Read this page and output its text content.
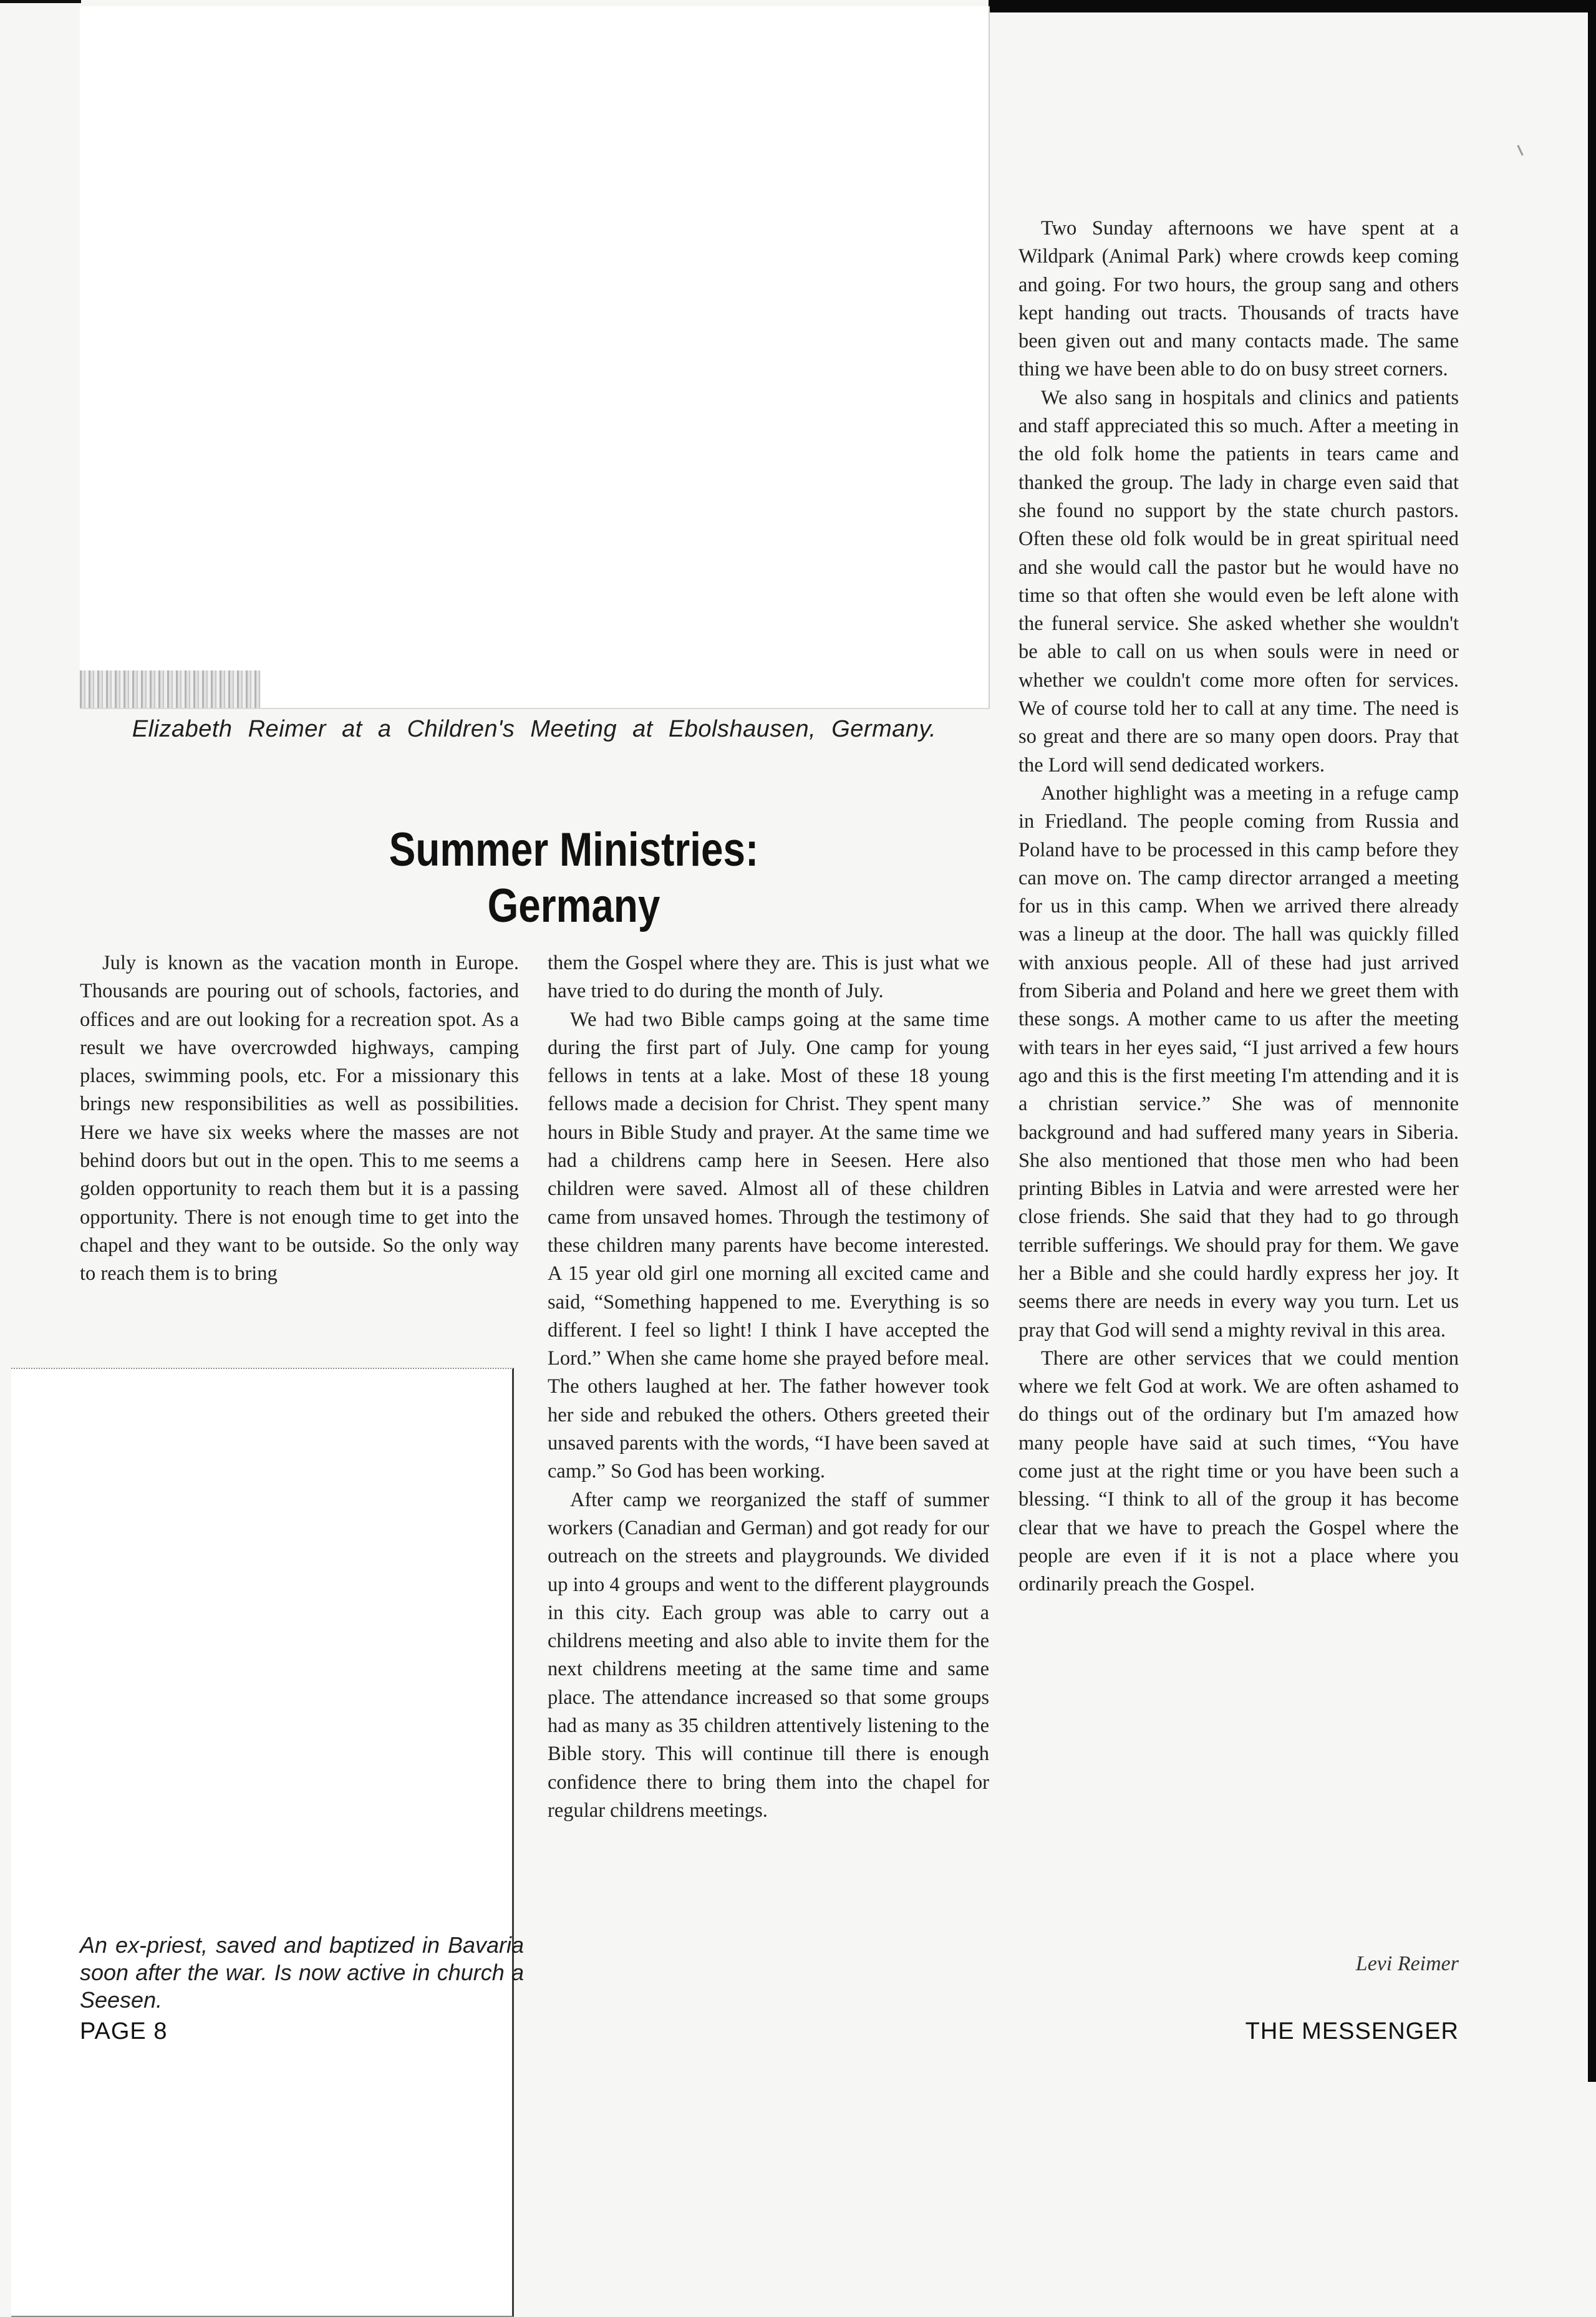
Elizabeth Reimer at a Children's Meeting at Ebolshausen, Germany.
Summer Ministries:
Germany

July is known as the vacation month in Europe. Thousands are pouring out of schools, factories, and offices and are out looking for a recreation spot. As a result we have overcrowded highways, camping places, swimming pools, etc. For a missionary this brings new responsibilities as well as possibilities. Here we have six weeks where the masses are not behind doors but out in the open. This to me seems a golden opportunity to reach them but it is a passing opportunity. There is not enough time to get into the chapel and they want to be outside. So the only way to reach them is to bring

An ex-priest, saved and baptized in Bavaria soon after the war. Is now active in church a Seesen.

them the Gospel where they are. This is just what we have tried to do during the month of July.

We had two Bible camps going at the same time during the first part of July. One camp for young fellows in tents at a lake. Most of these 18 young fellows made a decision for Christ. They spent many hours in Bible Study and prayer. At the same time we had a childrens camp here in Seesen. Here also children were saved. Almost all of these children came from unsaved homes. Through the testimony of these children many parents have become interested. A 15 year old girl one morning all excited came and said, “Something happened to me. Everything is so different. I feel so light! I think I have accepted the Lord.” When she came home she prayed before meal. The others laughed at her. The father however took her side and rebuked the others. Others greeted their unsaved parents with the words, “I have been saved at camp.” So God has been working.

After camp we reorganized the staff of summer workers (Canadian and German) and got ready for our outreach on the streets and playgrounds. We divided up into 4 groups and went to the different playgrounds in this city. Each group was able to carry out a childrens meeting and also able to invite them for the next childrens meeting at the same time and same place. The attendance increased so that some groups had as many as 35 children attentively listening to the Bible story. This will continue till there is enough confidence there to bring them into the chapel for regular childrens meetings.

Two Sunday afternoons we have spent at a Wildpark (Animal Park) where crowds keep coming and going. For two hours, the group sang and others kept handing out tracts. Thousands of tracts have been given out and many contacts made. The same thing we have been able to do on busy street corners.

We also sang in hospitals and clinics and patients and staff appreciated this so much. After a meeting in the old folk home the patients in tears came and thanked the group. The lady in charge even said that she found no support by the state church pastors. Often these old folk would be in great spiritual need and she would call the pastor but he would have no time so that often she would even be left alone with the funeral service. She asked whether she wouldn't be able to call on us when souls were in need or whether we couldn't come more often for services. We of course told her to call at any time. The need is so great and there are so many open doors. Pray that the Lord will send dedicated workers.

Another highlight was a meeting in a refuge camp in Friedland. The people coming from Russia and Poland have to be processed in this camp before they can move on. The camp director arranged a meeting for us in this camp. When we arrived there already was a lineup at the door. The hall was quickly filled with anxious people. All of these had just arrived from Siberia and Poland and here we greet them with these songs. A mother came to us after the meeting with tears in her eyes said, “I just arrived a few hours ago and this is the first meeting I'm attending and it is a christian service.” She was of mennonite background and had suffered many years in Siberia. She also mentioned that those men who had been printing Bibles in Latvia and were arrested were her close friends. She said that they had to go through terrible sufferings. We should pray for them. We gave her a Bible and she could hardly express her joy. It seems there are needs in every way you turn. Let us pray that God will send a mighty revival in this area.

There are other services that we could mention where we felt God at work. We are often ashamed to do things out of the ordinary but I'm amazed how many people have said at such times, “You have come just at the right time or you have been such a blessing. “I think to all of the group it has become clear that we have to preach the Gospel where the people are even if it is not a place where you ordinarily preach the Gospel.

Levi Reimer
PAGE 8	THE MESSENGER
